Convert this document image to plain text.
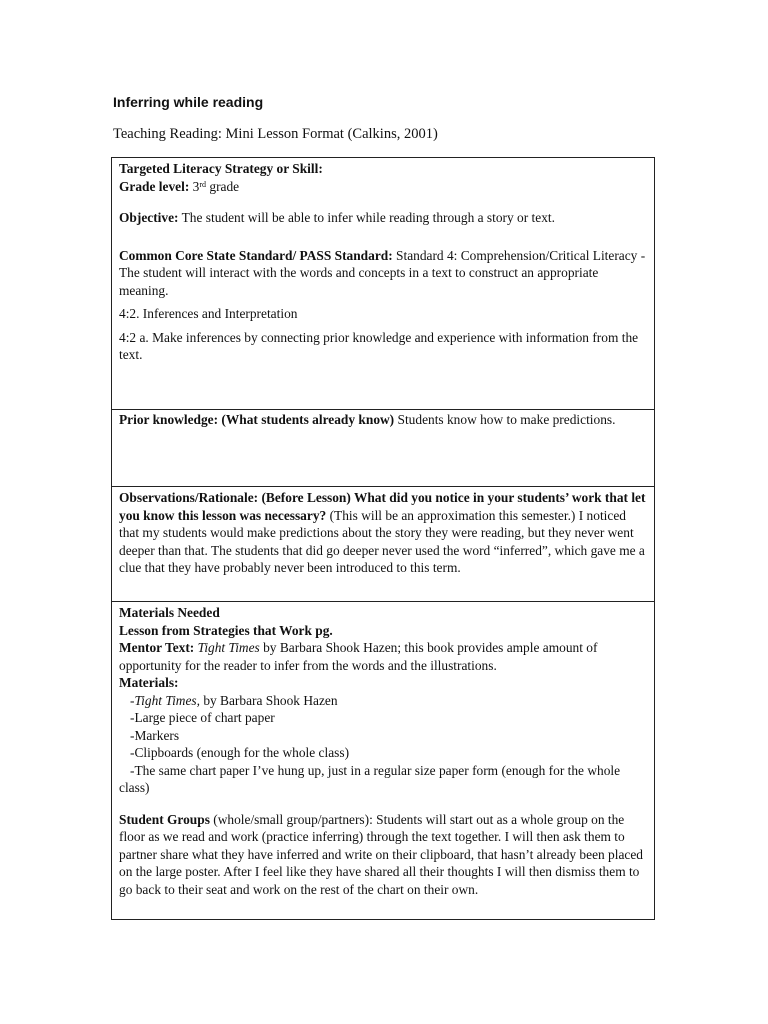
Inferring while reading
Teaching Reading: Mini Lesson Format (Calkins, 2001)

Targeted Literacy Strategy or Skill:

Grade level: 3rd grade

Objective: The student will be able to infer while reading through a story or text.

Common Core State Standard/ PASS Standard: Standard 4: Comprehension/Critical Literacy - The student will interact with the words and concepts in a text to construct an appropriate meaning.

4:2. Inferences and Interpretation

4:2 a. Make inferences by connecting prior knowledge and experience with information from the text.

Prior knowledge: (What students already know) Students know how to make predictions.

Observations/Rationale: (Before Lesson) What did you notice in your students’ work that let you know this lesson was necessary? (This will be an approximation this semester.) I noticed that my students would make predictions about the story they were reading, but they never went deeper than that. The students that did go deeper never used the word “inferred”, which gave me a clue that they have probably never been introduced to this term.

Materials Needed

Lesson from Strategies that Work pg.

Mentor Text: Tight Times by Barbara Shook Hazen; this book provides ample amount of opportunity for the reader to infer from the words and the illustrations.

Materials:

-Tight Times, by Barbara Shook Hazen

-Large piece of chart paper

-Markers

-Clipboards (enough for the whole class)

-The same chart paper I’ve hung up, just in a regular size paper form (enough for the whole class)

Student Groups (whole/small group/partners): Students will start out as a whole group on the floor as we read and work (practice inferring) through the text together. I will then ask them to partner share what they have inferred and write on their clipboard, that hasn’t already been placed on the large poster. After I feel like they have shared all their thoughts I will then dismiss them to go back to their seat and work on the rest of the chart on their own.
